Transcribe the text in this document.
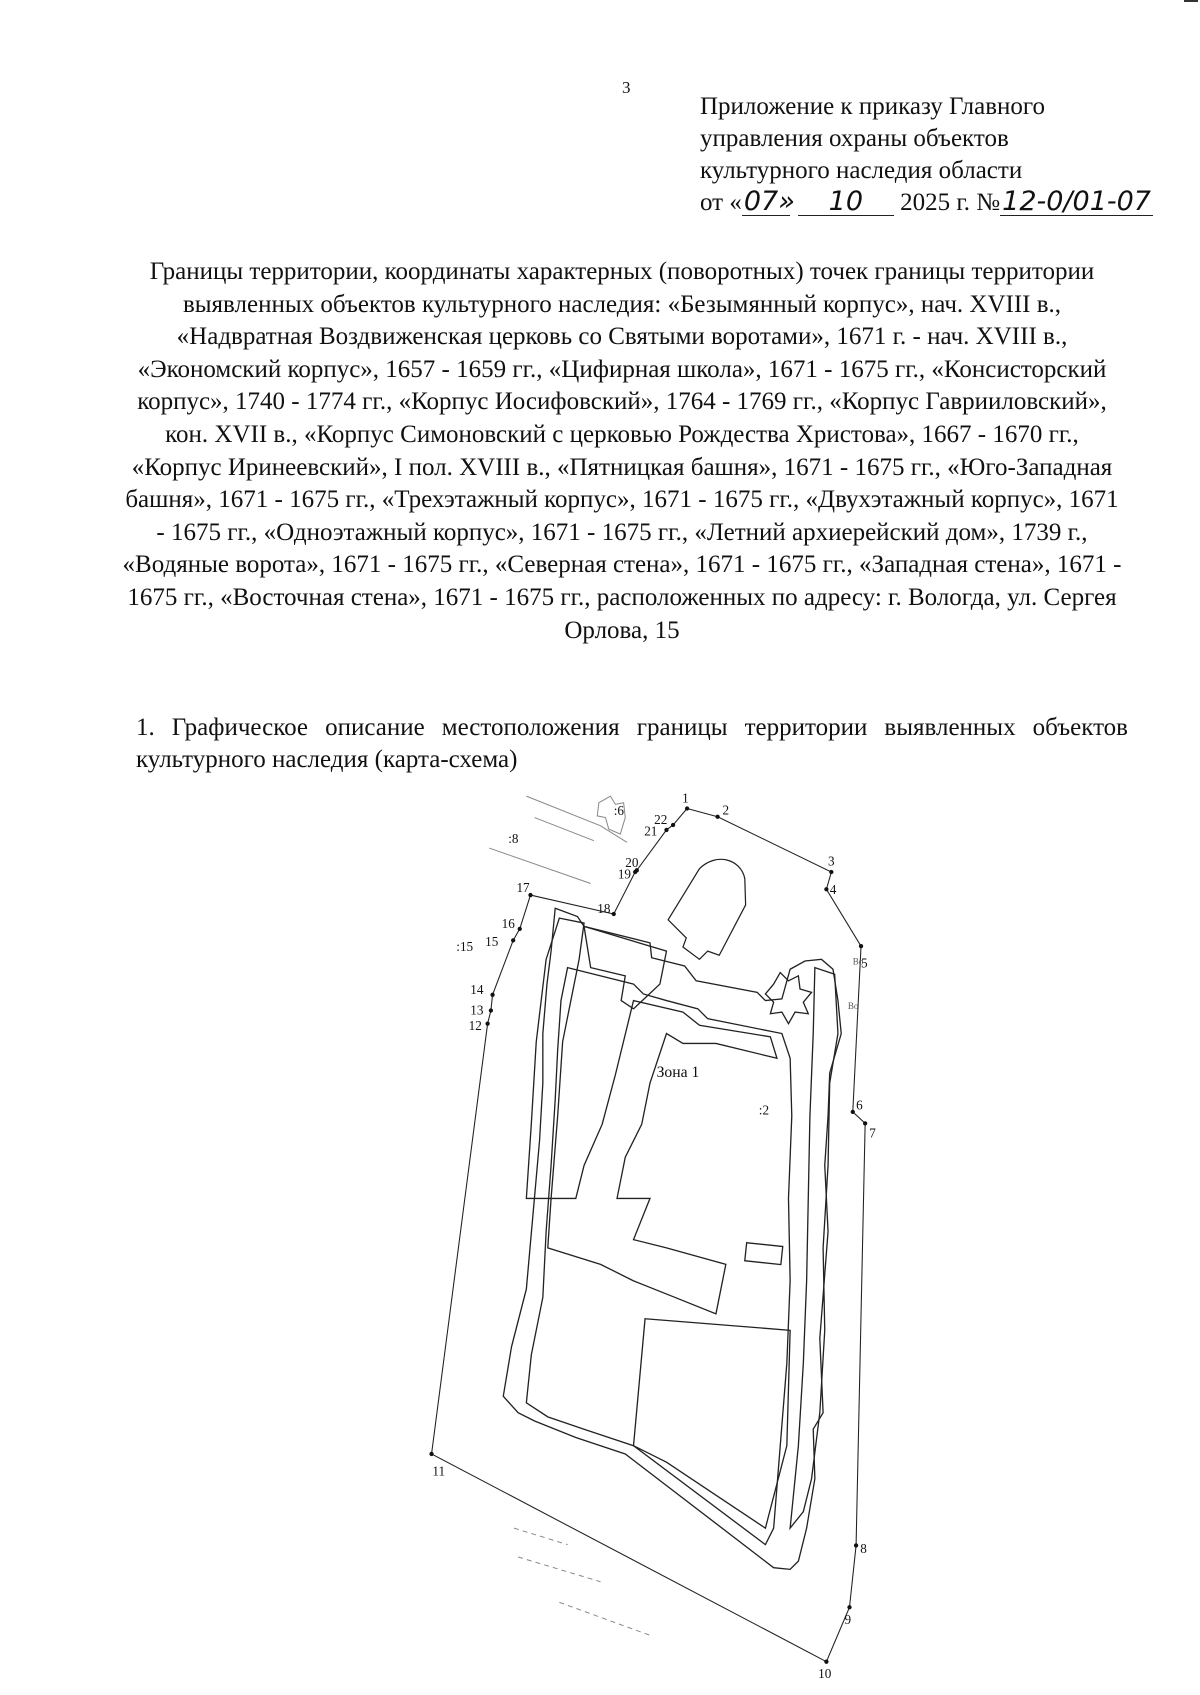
3
Приложение к приказу Главного
управления охраны объектов
культурного наследия области
от «07» 10 2025 г. №12-0/01-07
Границы территории, координаты характерных (поворотных) точек границы территории выявленных объектов культурного наследия: «Безымянный корпус», нач. XVIII в., «Надвратная Воздвиженская церковь со Святыми воротами», 1671 г. - нач. XVIII в., «Экономский корпус», 1657 - 1659 гг., «Цифирная школа», 1671 - 1675 гг., «Консисторский корпус», 1740 - 1774 гг., «Корпус Иосифовский», 1764 - 1769 гг., «Корпус Гаврииловский», кон. XVII в., «Корпус Симоновский с церковью Рождества Христова», 1667 - 1670 гг., «Корпус Иринеевский», I пол. XVIII в., «Пятницкая башня», 1671 - 1675 гг., «Юго-Западная башня», 1671 - 1675 гг., «Трехэтажный корпус», 1671 - 1675 гг., «Двухэтажный корпус», 1671 - 1675 гг., «Одноэтажный корпус», 1671 - 1675 гг., «Летний архиерейский дом», 1739 г., «Водяные ворота», 1671 - 1675 гг., «Северная стена», 1671 - 1675 гг., «Западная стена», 1671 - 1675 гг., «Восточная стена», 1671 - 1675 гг., расположенных по адресу: г. Вологда, ул. Сергея Орлова, 15
1. Графическое описание местоположения границы территории выявленных объектов культурного наследия (карта-схема)
1
2
3
4
5
6
7
8
9
10
11
12
13
14
15
16
17
18
19
20
21
22
Зона 1
:2
:6
:8
:15
Bo
Bo
